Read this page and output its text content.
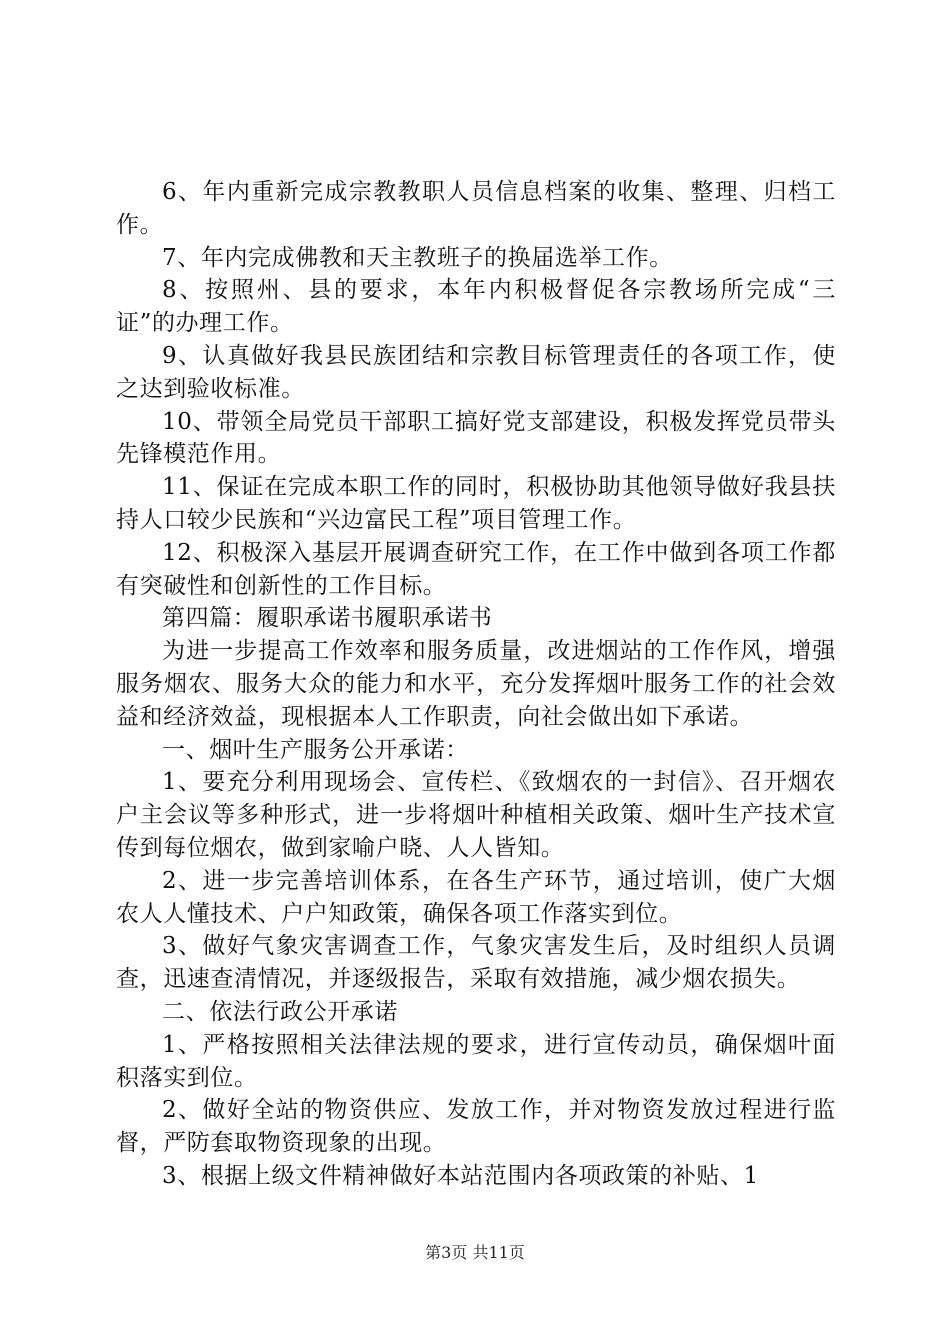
6、年内重新完成宗教教职人员信息档案的收集、整理、归档工作。

7、年内完成佛教和天主教班子的换届选举工作。

8、按照州、县的要求，本年内积极督促各宗教场所完成“三证”的办理工作。

9、认真做好我县民族团结和宗教目标管理责任的各项工作，使之达到验收标准。

10、带领全局党员干部职工搞好党支部建设，积极发挥党员带头先锋模范作用。

11、保证在完成本职工作的同时，积极协助其他领导做好我县扶持人口较少民族和“兴边富民工程”项目管理工作。

12、积极深入基层开展调查研究工作，在工作中做到各项工作都有突破性和创新性的工作目标。

第四篇：履职承诺书履职承诺书

为进一步提高工作效率和服务质量，改进烟站的工作作风，增强服务烟农、服务大众的能力和水平，充分发挥烟叶服务工作的社会效益和经济效益，现根据本人工作职责，向社会做出如下承诺。

一、烟叶生产服务公开承诺：

1、要充分利用现场会、宣传栏、《致烟农的一封信》、召开烟农户主会议等多种形式，进一步将烟叶种植相关政策、烟叶生产技术宣传到每位烟农，做到家喻户晓、人人皆知。

2、进一步完善培训体系，在各生产环节，通过培训，使广大烟农人人懂技术、户户知政策，确保各项工作落实到位。

3、做好气象灾害调查工作，气象灾害发生后，及时组织人员调查，迅速查清情况，并逐级报告，采取有效措施，减少烟农损失。

二、依法行政公开承诺

1、严格按照相关法律法规的要求，进行宣传动员，确保烟叶面积落实到位。

2、做好全站的物资供应、发放工作，并对物资发放过程进行监督，严防套取物资现象的出现。

3、根据上级文件精神做好本站范围内各项政策的补贴、1

第3页 共11页
